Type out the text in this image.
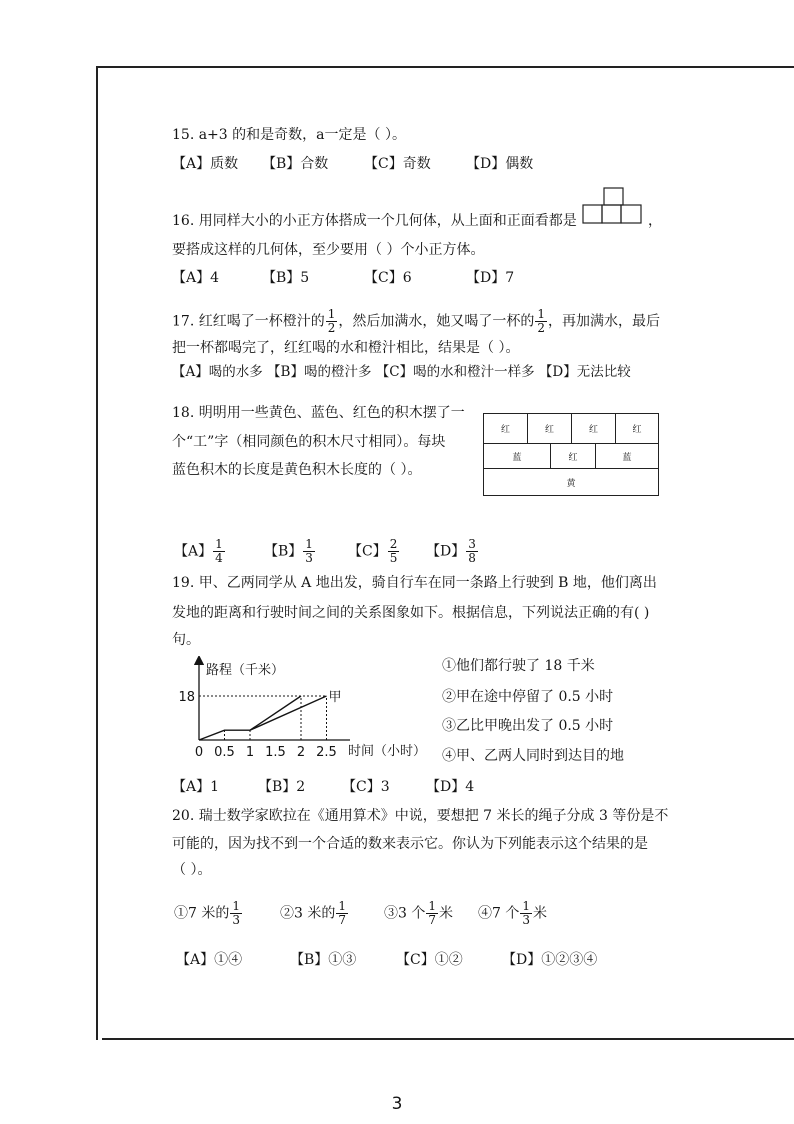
15. a+3 的和是奇数，a一定是（ ）。
【A】质数 【B】合数	【C】奇数	【D】偶数
16. 用同样大小的小正方体搭成一个几何体，从上面和正面看都是	，
要搭成这样的几何体，至少要用（ ）个小正方体。
【A】4	【B】5	【C】6	【D】7
17. 红红喝了一杯橙汁的 $\frac{1}{2}$ ，然后加满水，她又喝了一杯的 $\frac{1}{2}$ ，再加满水，最后
把一杯都喝完了，红红喝的水和橙汁相比，结果是（ ）。
【A】喝的水多 【B】喝的橙汁多 【C】喝的水和橙汁一样多 【D】无法比较
18. 明明用一些黄色、蓝色、红色的积木摆了一
个“工”字（相同颜色的积木尺寸相同）。每块
蓝色积木的长度是黄色积木长度的（ ）。
红	红	红	红
蓝	红	蓝
黄
【A】 $\frac{1}{4}$	【B】 $\frac{1}{3}$ 【C】 $\frac{2}{5}$ 【D】 $\frac{3}{8}$
19. 甲、乙两同学从 A 地出发，骑自行车在同一条路上行驶到 B 地，他们离出
发地的距离和行驶时间之间的关系图象如下。根据信息，下列说法正确的有( )
句。
路程（千米）
时间（小时）
0 0.5 1 1.5 2 2.5
18	甲
①他们都行驶了 18 千米
②甲在途中停留了 0.5 小时
③乙比甲晚出发了 0.5 小时
④甲、乙两人同时到达目的地
【A】1	【B】2	【C】3	【D】4
20. 瑞士数学家欧拉在《通用算术》中说，要想把 7 米长的绳子分成 3 等份是不
可能的，因为找不到一个合适的数来表示它。你认为下列能表示这个结果的是
（ ）。
①7 米的 $\frac{1}{3}$	②3 米的 $\frac{1}{7}$	③3 个 $\frac{1}{7}$ 米 ④7 个 $\frac{1}{3}$ 米
【A】①④	【B】①③	【C】①②	【D】①②③④
3
